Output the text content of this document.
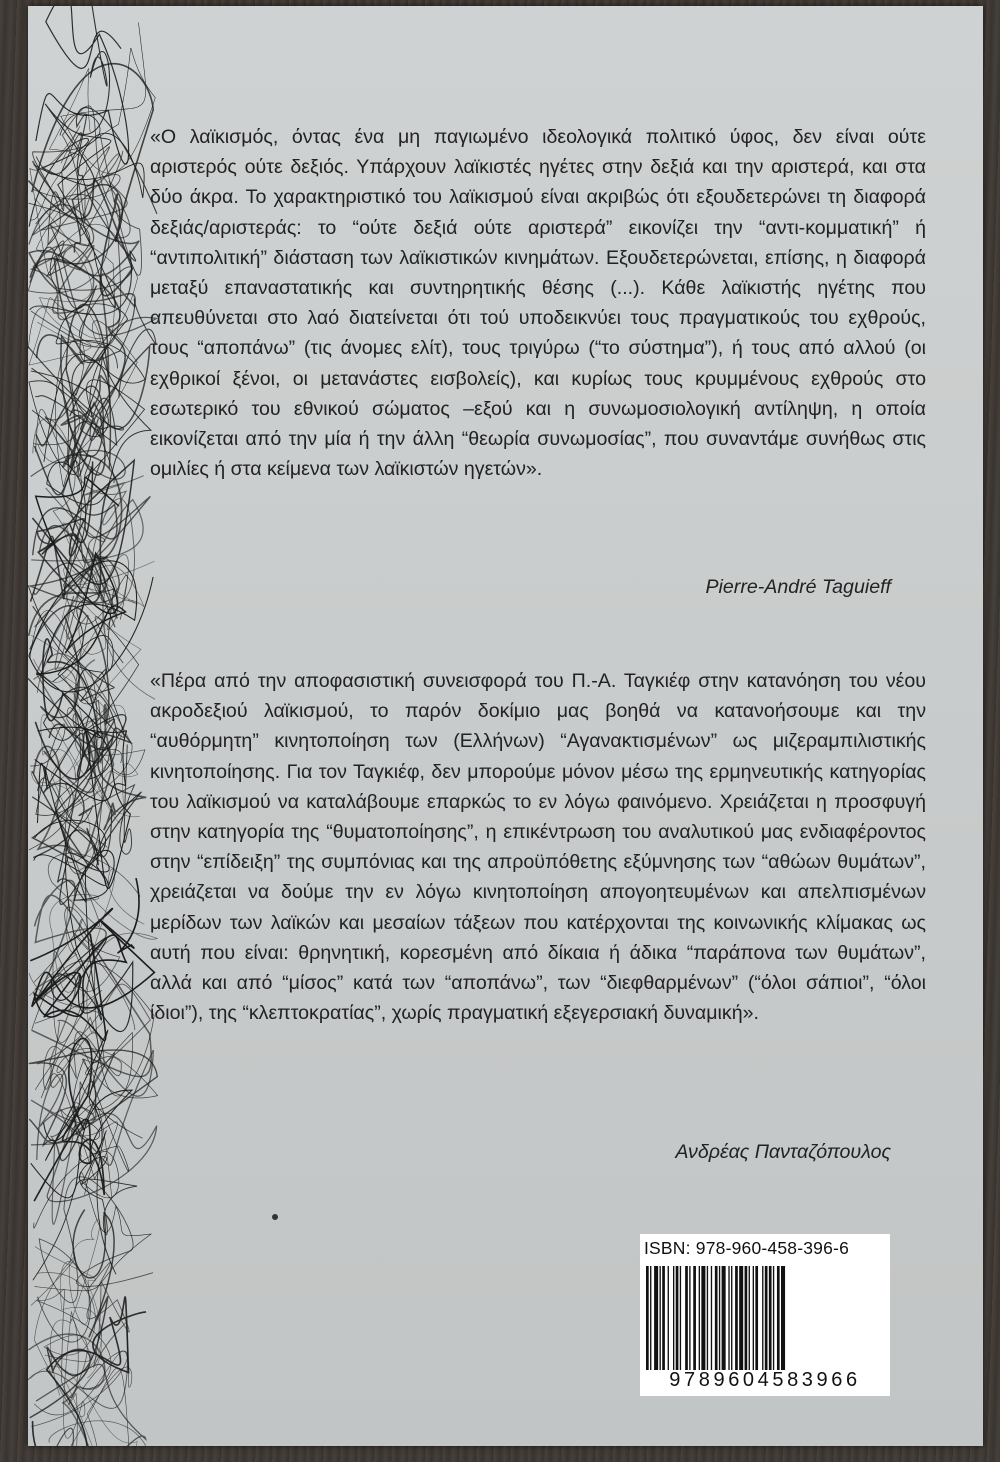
«Ο λαϊκισμός, όντας ένα μη παγιωμένο ιδεολογικά πολιτικό ύφος, δεν είναι ούτε αριστερός ούτε δεξιός. Υπάρχουν λαϊκιστές ηγέτες στην δεξιά και την αριστερά, και στα δύο άκρα. Το χαρακτηριστικό του λαϊκισμού είναι ακριβώς ότι εξουδετερώνει τη διαφορά δεξιάς/αριστεράς: το “ούτε δεξιά ούτε αριστερά” εικονίζει την “αντι-κομματική” ή “αντιπολιτική” διάσταση των λαϊκιστικών κινημάτων. Εξουδετερώνεται, επίσης, η διαφορά μεταξύ επαναστατικής και συντηρητικής θέσης (...). Κάθε λαϊκιστής ηγέτης που απευθύνεται στο λαό διατείνεται ότι τού υποδεικνύει τους πραγματικούς του εχθρούς, τους “αποπάνω” (τις άνομες ελίτ), τους τριγύρω (“το σύστημα”), ή τους από αλλού (οι εχθρικοί ξένοι, οι μετανάστες εισβολείς), και κυρίως τους κρυμμένους εχθρούς στο εσωτερικό του εθνικού σώματος –εξού και η συνωμοσιολογική αντίληψη, η οποία εικονίζεται από την μία ή την άλλη “θεωρία συνωμοσίας”, που συναντάμε συνήθως στις ομιλίες ή στα κείμενα των λαϊκιστών ηγετών».

Pierre-André Taguieff

«Πέρα από την αποφασιστική συνεισφορά του Π.-Α. Ταγκιέφ στην κατανόηση του νέου ακροδεξιού λαϊκισμού, το παρόν δοκίμιο μας βοηθά να κατανοήσουμε και την “αυθόρμητη” κινητοποίηση των (Ελλήνων) “Αγανακτισμένων” ως μιζεραμπιλιστικής κινητοποίησης. Για τον Ταγκιέφ, δεν μπορούμε μόνον μέσω της ερμηνευτικής κατηγορίας του λαϊκισμού να καταλάβουμε επαρκώς το εν λόγω φαινόμενο. Χρειάζεται η προσφυγή στην κατηγορία της “θυματοποίησης”, η επικέντρωση του αναλυτικού μας ενδιαφέροντος στην “επίδειξη” της συμπόνιας και της απροϋπόθετης εξύμνησης των “αθώων θυμάτων”, χρειάζεται να δούμε την εν λόγω κινητοποίηση απογοητευμένων και απελπισμένων μερίδων των λαϊκών και μεσαίων τάξεων που κατέρχονται της κοινωνικής κλίμακας ως αυτή που είναι: θρηνητική, κορεσμένη από δίκαια ή άδικα “παράπονα των θυμάτων”, αλλά και από “μίσος” κατά των “αποπάνω”, των “διεφθαρμένων” (“όλοι σάπιοι”, “όλοι ίδιοι”), της “κλεπτοκρατίας”, χωρίς πραγματική εξεγερσιακή δυναμική».

Ανδρέας Πανταζόπουλος
ISBN: 978-960-458-396-6
9789604583966
